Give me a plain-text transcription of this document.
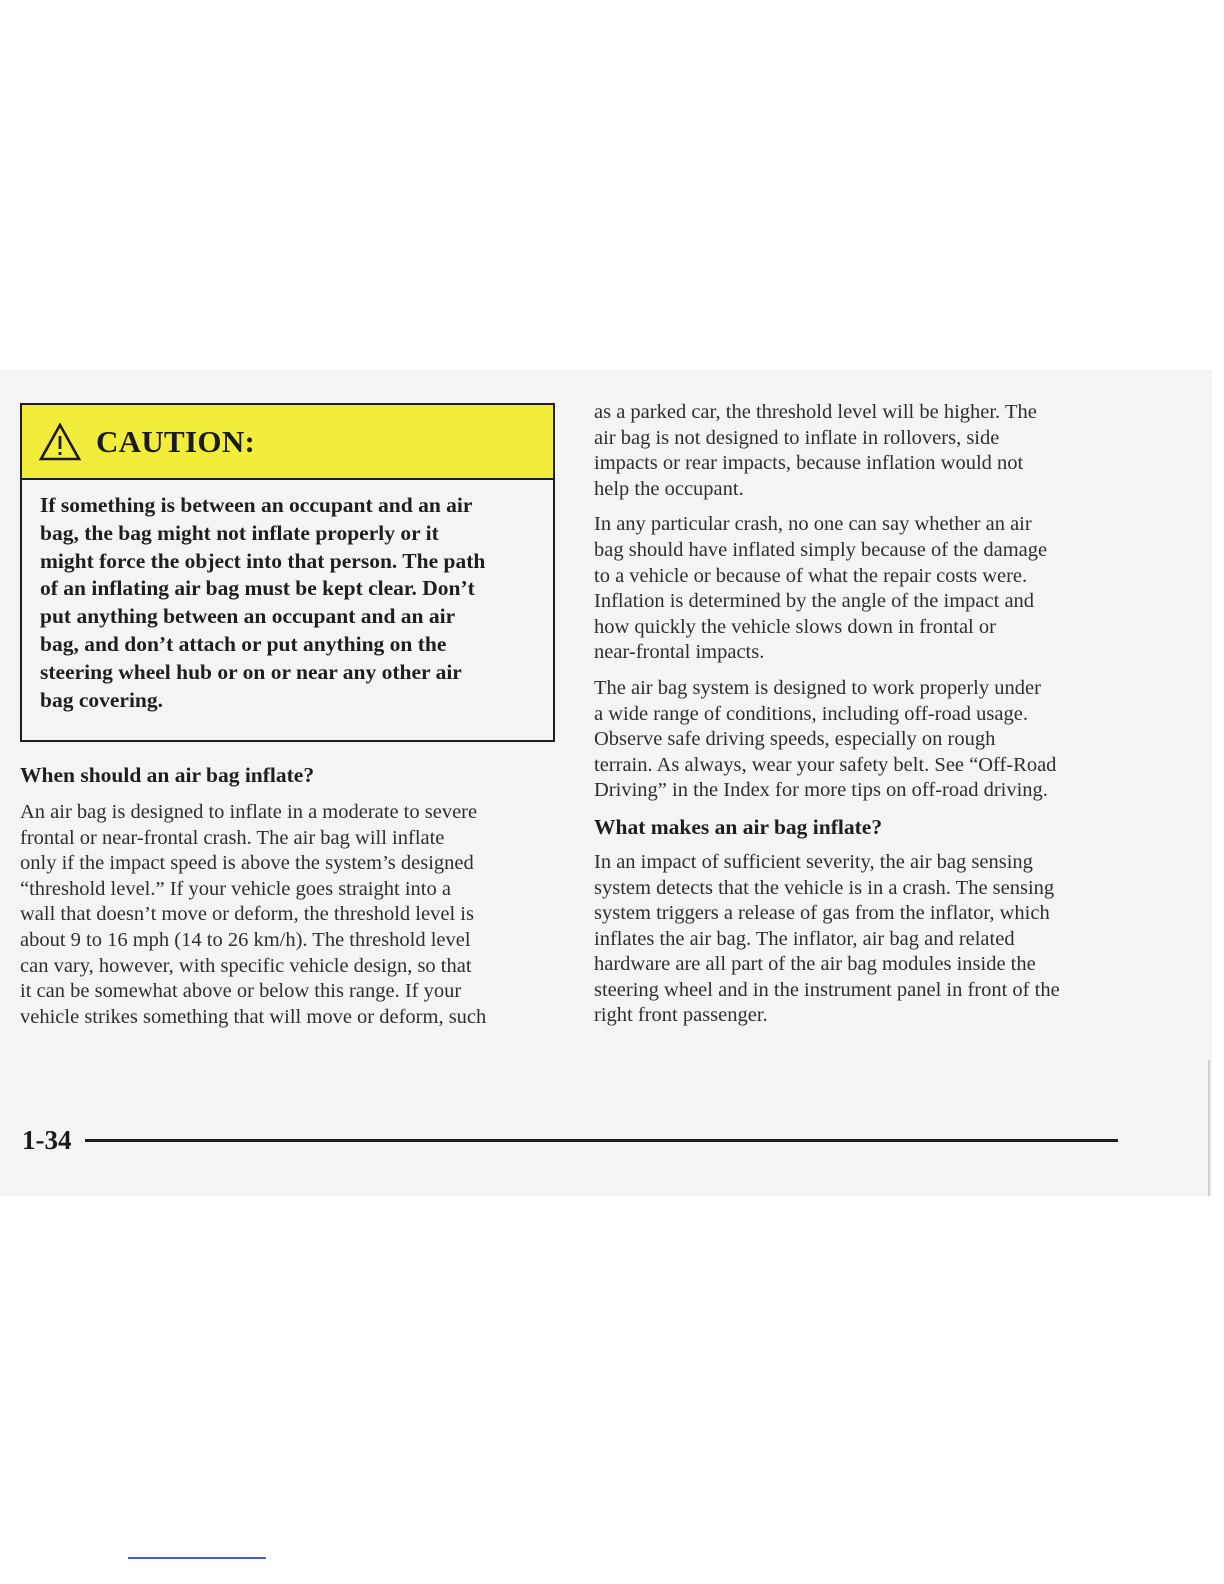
CAUTION:

If something is between an occupant and an air

bag, the bag might not inflate properly or it

might force the object into that person. The path

of an inflating air bag must be kept clear. Don’t

put anything between an occupant and an air

bag, and don’t attach or put anything on the

steering wheel hub or on or near any other air

bag covering.

When should an air bag inflate?

An air bag is designed to inflate in a moderate to severe
frontal or near-frontal crash. The air bag will inflate
only if the impact speed is above the system’s designed
“threshold level.” If your vehicle goes straight into a
wall that doesn’t move or deform, the threshold level is
about 9 to 16 mph (14 to 26 km/h). The threshold level
can vary, however, with specific vehicle design, so that
it can be somewhat above or below this range. If your
vehicle strikes something that will move or deform, such

as a parked car, the threshold level will be higher. The
air bag is not designed to inflate in rollovers, side
impacts or rear impacts, because inflation would not
help the occupant.

In any particular crash, no one can say whether an air
bag should have inflated simply because of the damage
to a vehicle or because of what the repair costs were.
Inflation is determined by the angle of the impact and
how quickly the vehicle slows down in frontal or
near-frontal impacts.

The air bag system is designed to work properly under
a wide range of conditions, including off-road usage.
Observe safe driving speeds, especially on rough
terrain. As always, wear your safety belt. See “Off-Road
Driving” in the Index for more tips on off-road driving.

What makes an air bag inflate?

In an impact of sufficient severity, the air bag sensing
system detects that the vehicle is in a crash. The sensing
system triggers a release of gas from the inflator, which
inflates the air bag. The inflator, air bag and related
hardware are all part of the air bag modules inside the
steering wheel and in the instrument panel in front of the
right front passenger.

1-34
